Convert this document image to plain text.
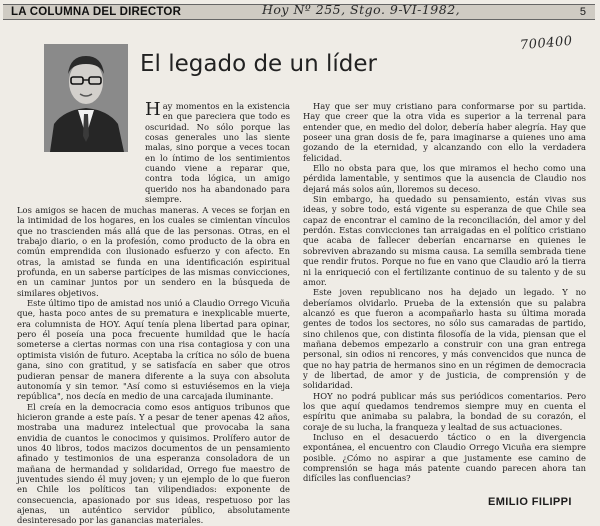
LA COLUMNA DEL DIRECTOR	5
Hoy Nº 255, Stgo. 9-VI-1982,
700400
El legado de un líder

Hay momentos en la existencia en que pareciera que todo es oscuridad. No sólo porque las cosas generales uno las siente malas, sino porque a veces tocan en lo íntimo de los sentimientos cuando viene a reparar que, contra toda lógica, un amigo querido nos ha abandonado para siempre.

Los amigos se hacen de muchas maneras. A veces se forjan en la intimidad de los hogares, en los cuales se cimientan vínculos que no trascienden más allá que de las personas. Otras, en el trabajo diario, o en la profesión, como producto de la obra en común emprendida con ilusionado esfuerzo y con afecto. En otras, la amistad se funda en una identificación espiritual profunda, en un saberse partícipes de las mismas convicciones, en un caminar juntos por un sendero en la búsqueda de similares objetivos.

Este último tipo de amistad nos unió a Claudio Orrego Vicuña que, hasta poco antes de su prematura e inexplicable muerte, era columnista de HOY. Aquí tenía plena libertad para opinar, pero él poseía una poca frecuente humildad que le hacía someterse a ciertas normas con una risa contagiosa y con una optimista visión de futuro. Aceptaba la crítica no sólo de buena gana, sino con gratitud, y se satisfacía en saber que otros pudieran pensar de manera diferente a la suya con absoluta autonomía y sin temor. "Así como si estuviésemos en la vieja república", nos decía en medio de una carcajada iluminante.

El creía en la democracia como esos antiguos tribunos que hicieron grande a este país. Y a pesar de tener apenas 42 años, mostraba una madurez intelectual que provocaba la sana envidia de cuantos le conocimos y quisimos. Prolífero autor de unos 40 libros, todos macizos documentos de un pensamiento afinado y testimonios de una esperanza consoladora de un mañana de hermandad y solidaridad, Orrego fue maestro de juventudes siendo él muy joven; y un ejemplo de lo que fueron en Chile los políticos tan vilipendiados: exponente de consecuencia, apasionado por sus ideas, respetuoso por las ajenas, un auténtico servidor público, absolutamente desinteresado por las ganancias materiales.

Hay que ser muy cristiano para conformarse por su partida. Hay que creer que la otra vida es superior a la terrenal para entender que, en medio del dolor, debería haber alegría. Hay que poseer una gran dosis de fe, para imaginarse a quienes uno ama gozando de la eternidad, y alcanzando con ello la verdadera felicidad.

Ello no obsta para que, los que miramos el hecho como una pérdida lamentable, y sentimos que la ausencia de Claudio nos dejará más solos aún, lloremos su deceso.

Sin embargo, ha quedado su pensamiento, están vivas sus ideas, y sobre todo, está vigente su esperanza de que Chile sea capaz de encontrar el camino de la reconciliación, del amor y del perdón. Estas convicciones tan arraigadas en el político cristiano que acaba de fallecer deberían encarnarse en quienes le sobreviven abrazando su misma causa. La semilla sembrada tiene que rendir frutos. Porque no fue en vano que Claudio aró la tierra ni la enriqueció con el fertilizante continuo de su talento y de su amor.

Este joven republicano nos ha dejado un legado. Y no deberíamos olvidarlo. Prueba de la extensión que su palabra alcanzó es que fueron a acompañarlo hasta su última morada gentes de todos los sectores, no sólo sus camaradas de partido, sino chilenos que, con distinta filosofía de la vida, piensan que el mañana debemos empezarlo a construir con una gran entrega personal, sin odios ni rencores, y más convencidos que nunca de que no hay patria de hermanos sino en un régimen de democracia y de libertad, de amor y de justicia, de comprensión y de solidaridad.

HOY no podrá publicar más sus periódicos comentarios. Pero los que aquí quedamos tendremos siempre muy en cuenta el espíritu que animaba su palabra, la bondad de su corazón, el coraje de su lucha, la franqueza y lealtad de sus actuaciones.

Incluso en el desacuerdo táctico o en la divergencia expontánea, el encuentro con Claudio Orrego Vicuña era siempre posible. ¿Cómo no aspirar a que justamente ese camino de comprensión se haga más patente cuando parecen ahora tan difíciles las confluencias?

EMILIO FILIPPI
